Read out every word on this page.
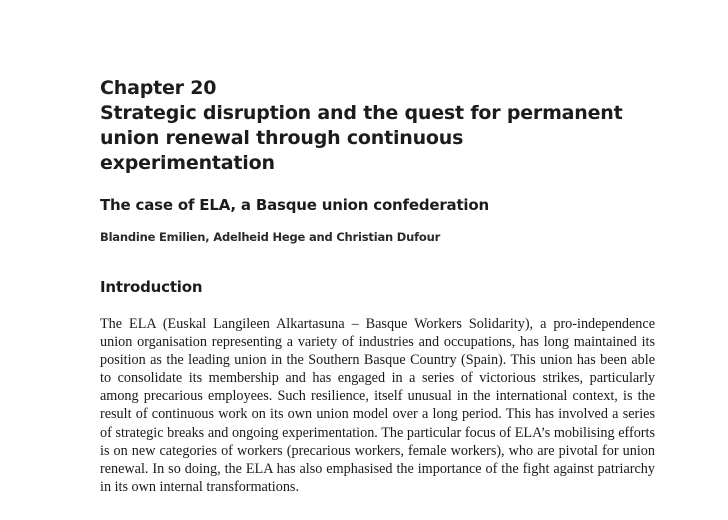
Chapter 20
Strategic disruption and the quest for permanent union renewal through continuous experimentation
The case of ELA, a Basque union confederation

Blandine Emilien, Adelheid Hege and Christian Dufour

Introduction

The ELA (Euskal Langileen Alkartasuna – Basque Workers Solidarity), a pro-independence union organisation representing a variety of industries and occupations, has long maintained its position as the leading union in the Southern Basque Country (Spain). This union has been able to consolidate its membership and has engaged in a series of victorious strikes, particularly among precarious employees. Such resilience, itself unusual in the international context, is the result of continuous work on its own union model over a long period. This has involved a series of strategic breaks and ongoing experimentation. The particular focus of ELA’s mobilising efforts is on new categories of workers (precarious workers, female workers), who are pivotal for union renewal. In so doing, the ELA has also emphasised the importance of the fight against patriarchy in its own internal transformations.
